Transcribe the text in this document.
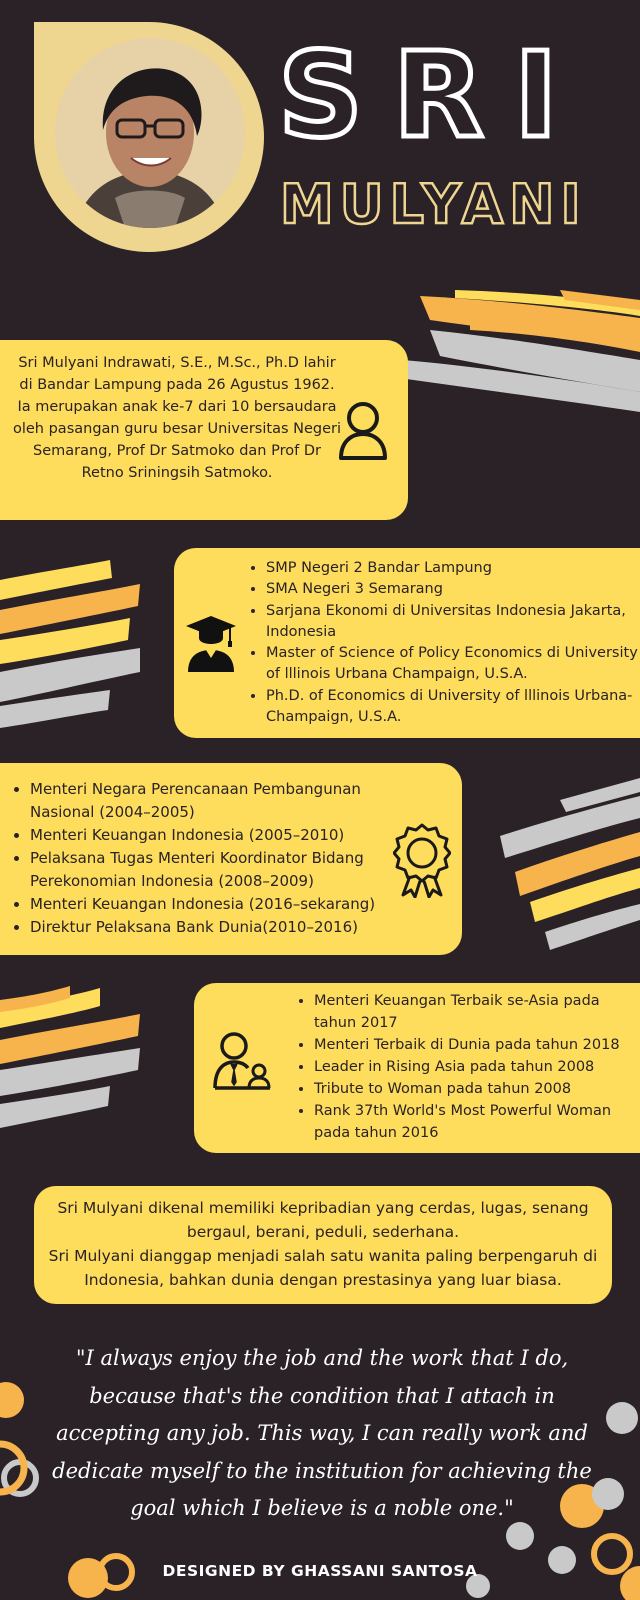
SRI
MULYANI
Sri Mulyani Indrawati, S.E., M.Sc., Ph.D lahir di Bandar Lampung pada 26 Agustus 1962. Ia merupakan anak ke-7 dari 10 bersaudara oleh pasangan guru besar Universitas Negeri Semarang, Prof Dr Satmoko dan Prof Dr Retno Sriningsih Satmoko.
• SMP Negeri 2 Bandar Lampung
• SMA Negeri 3 Semarang
• Sarjana Ekonomi di Universitas Indonesia Jakarta, Indonesia
• Master of Science of Policy Economics di University of lllinois Urbana Champaign, U.S.A.
• Ph.D. of Economics di University of lllinois Urbana-Champaign, U.S.A.
• Menteri Negara Perencanaan Pembangunan Nasional (2004–2005)
• Menteri Keuangan Indonesia (2005–2010)
• Pelaksana Tugas Menteri Koordinator Bidang Perekonomian Indonesia (2008–2009)
• Menteri Keuangan Indonesia (2016–sekarang)
• Direktur Pelaksana Bank Dunia(2010–2016)
• Menteri Keuangan Terbaik se-Asia pada tahun 2017
• Menteri Terbaik di Dunia pada tahun 2018
• Leader in Rising Asia pada tahun 2008
• Tribute to Woman pada tahun 2008
• Rank 37th World's Most Powerful Woman pada tahun 2016
Sri Mulyani dikenal memiliki kepribadian yang cerdas, lugas, senang bergaul, berani, peduli, sederhana.
Sri Mulyani dianggap menjadi salah satu wanita paling berpengaruh di Indonesia, bahkan dunia dengan prestasinya yang luar biasa.
"I always enjoy the job and the work that I do, because that's the condition that I attach in accepting any job. This way, I can really work and dedicate myself to the institution for achieving the goal which I believe is a noble one."
DESIGNED BY GHASSANI SANTOSA
